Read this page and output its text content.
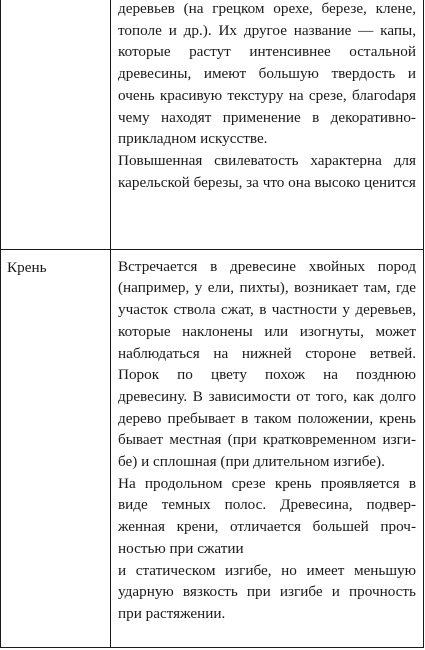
	деревьев (на грецком орехе, березе, клене, тополе и др.). Их другое название — капы, которые растут интенсивнее остальной древесины, имеют большую твердость и очень красивую текстуру на срезе, благоdаря чему находят применение в декоративно-прикладном искусстве.

Повышенная свилеватость характерна для карельской березы, за что она высоко ценится

Крень	Встречается в древесине хвойных пород (например, у ели, пихты), возникает там, где участок ствола сжат, в частности у деревьев, которые наклонены или изогнуты, может наблюдаться на нижней стороне ветвей. Порок по цвету похож на позднюю древесину. В зависимости от того, как долго дерево пребывает в таком положении, крень бывает местная (при кратковременном изгибе) и сплошная (при длительном изгибе).

На продольном срезе крень проявляется в виде темных полос. Древесина, подверженная крени, отличается большей прочностью при сжатии

и статическом изгибе, но имеет меньшую ударную вязкость при изгибе и прочность при растяжении.
